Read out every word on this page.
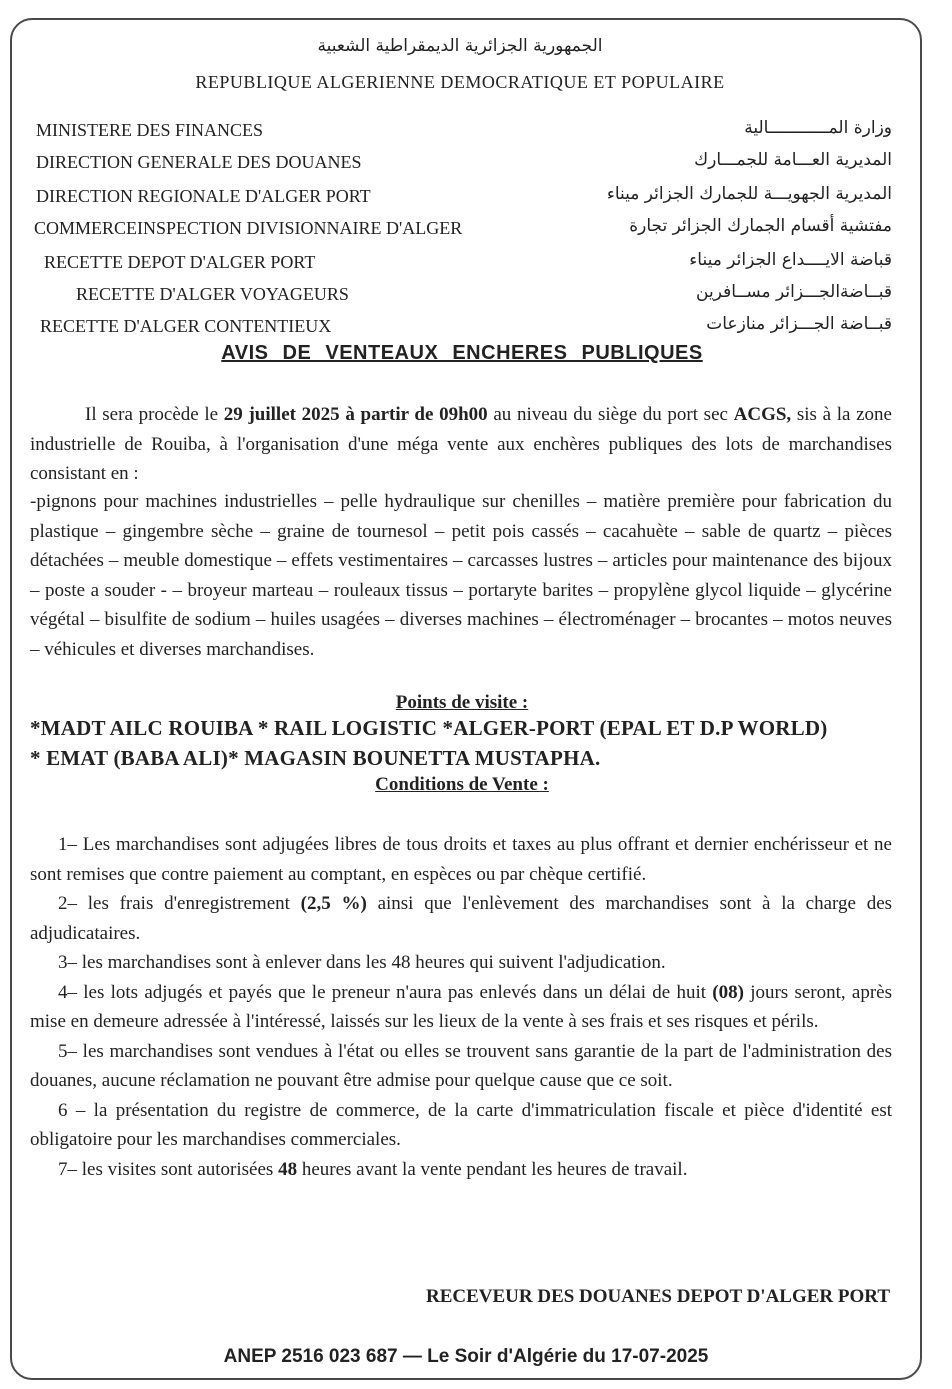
الجمهورية الجزائرية الديمقراطية الشعبية
REPUBLIQUE ALGERIENNE DEMOCRATIQUE ET POPULAIRE
MINISTERE DES FINANCES
DIRECTION GENERALE DES DOUANES
DIRECTION REGIONALE D'ALGER PORT
COMMERCEINSPECTION DIVISIONNAIRE D'ALGER
RECETTE DEPOT D'ALGER PORT
RECETTE D'ALGER VOYAGEURS
RECETTE D'ALGER CONTENTIEUX
وزارة المــــــــــــالية
المديرية العـــامة للجمـــارك
المديرية الجهويـــة للجمارك الجزائر ميناء
مفتشية أقسام الجمارك الجزائر تجارة
قباضة الايــــداع الجزائر ميناء
قبــاضةالجـــزائر مســافرين
قبــاضة الجـــزائر منازعات
AVIS DE VENTEAUX ENCHERES PUBLIQUES
Il sera procède le 29 juillet 2025 à partir de 09h00 au niveau du siège du port sec ACGS, sis à la zone industrielle de Rouiba, à l'organisation d'une méga vente aux enchères publiques des lots de marchandises consistant en :
-pignons pour machines industrielles – pelle hydraulique sur chenilles – matière première pour fabrication du plastique – gingembre sèche – graine de tournesol – petit pois cassés – cacahuète – sable de quartz – pièces détachées – meuble domestique – effets vestimentaires – carcasses lustres – articles pour maintenance des bijoux – poste a souder - – broyeur marteau – rouleaux tissus – portaryte barites – propylène glycol liquide – glycérine végétal – bisulfite de sodium – huiles usagées – diverses machines – électroménager – brocantes – motos neuves – véhicules et diverses marchandises.
Points de visite :
*MADT AILC ROUIBA * RAIL LOGISTIC *ALGER-PORT (EPAL ET D.P WORLD)
* EMAT (BABA ALI)* MAGASIN BOUNETTA MUSTAPHA.
Conditions de Vente :

1– Les marchandises sont adjugées libres de tous droits et taxes au plus offrant et dernier enchérisseur et ne sont remises que contre paiement au comptant, en espèces ou par chèque certifié.

2– les frais d'enregistrement (2,5 %) ainsi que l'enlèvement des marchandises sont à la charge des adjudicataires.

3– les marchandises sont à enlever dans les 48 heures qui suivent l'adjudication.

4– les lots adjugés et payés que le preneur n'aura pas enlevés dans un délai de huit (08) jours seront, après mise en demeure adressée à l'intéressé, laissés sur les lieux de la vente à ses frais et ses risques et périls.

5– les marchandises sont vendues à l'état ou elles se trouvent sans garantie de la part de l'administration des douanes, aucune réclamation ne pouvant être admise pour quelque cause que ce soit.

6 – la présentation du registre de commerce, de la carte d'immatriculation fiscale et pièce d'identité est obligatoire pour les marchandises commerciales.

7– les visites sont autorisées 48 heures avant la vente pendant les heures de travail.

RECEVEUR DES DOUANES DEPOT D'ALGER PORT
ANEP 2516 023 687 — Le Soir d'Algérie du 17-07-2025
